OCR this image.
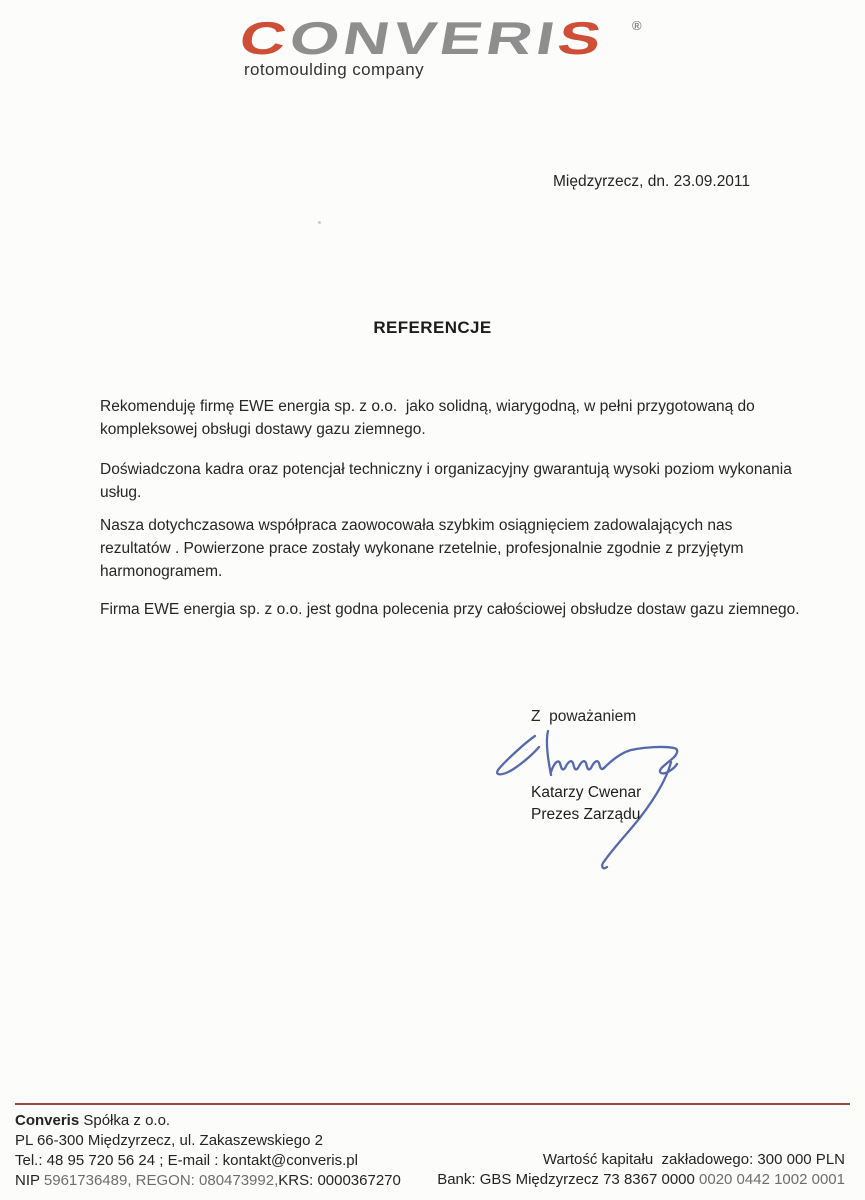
CONVERIS ®
rotomoulding company
Międzyrzecz, dn. 23.09.2011
REFERENCJE
Rekomenduję firmę EWE energia sp. z o.o.  jako solidną, wiarygodną, w pełni przygotowaną do
kompleksowej obsługi dostawy gazu ziemnego.
Doświadczona kadra oraz potencjał techniczny i organizacyjny gwarantują wysoki poziom wykonania
usług.
Nasza dotychczasowa współpraca zaowocowała szybkim osiągnięciem zadowalających nas
rezultatów . Powierzone prace zostały wykonane rzetelnie, profesjonalnie zgodnie z przyjętym
harmonogramem.
Firma EWE energia sp. z o.o. jest godna polecenia przy całościowej obsłudze dostaw gazu ziemnego.
Z  poważaniem
Katarzy Cwenar
Prezes Zarządu
Converis Spółka z o.o.
PL 66-300 Międzyrzecz, ul. Zakaszewskiego 2
Tel.: 48 95 720 56 24 ; E-mail : kontakt@converis.pl
NIP 5961736489, REGON: 080473992,KRS: 0000367270
Wartość kapitału  zakładowego: 300 000 PLN
Bank: GBS Międzyrzecz 73 8367 0000 0020 0442 1002 0001
